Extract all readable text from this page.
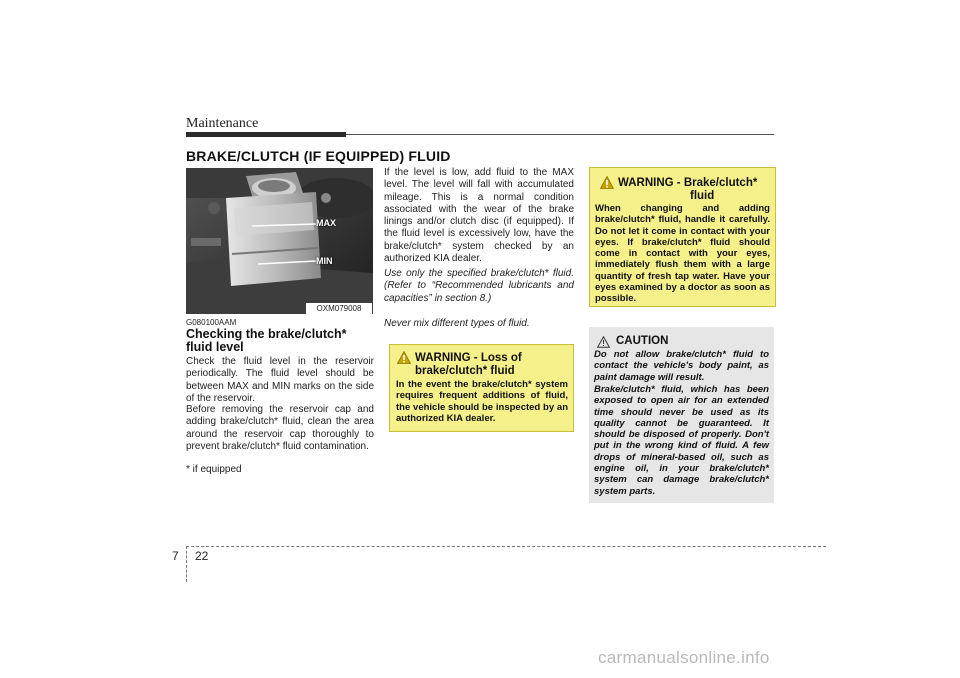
Maintenance
BRAKE/CLUTCH (IF EQUIPPED) FLUID
MAX
MIN
OXM079008
G080100AAM
Checking the brake/clutch* fluid level
Check the fluid level in the reservoir periodically. The fluid level should be between MAX and MIN marks on the side of the reservoir.
Before removing the reservoir cap and adding brake/clutch* fluid, clean the area around the reservoir cap thoroughly to prevent brake/clutch* fluid contamination.
* if equipped
If the level is low, add fluid to the MAX level. The level will fall with accumulated mileage. This is a normal condition associated with the wear of the brake linings and/or clutch disc (if equipped). If the fluid level is excessively low, have the brake/clutch* system checked by an authorized KIA dealer.
Use only the specified brake/clutch* fluid. (Refer to “Recommended lubricants and capacities” in section 8.)
Never mix different types of fluid.
WARNING - Loss of
brake/clutch* fluid
In the event the brake/clutch* system requires frequent additions of fluid, the vehicle should be inspected by an authorized KIA dealer.
WARNING - Brake/clutch*
fluid
When changing and adding brake/clutch* fluid, handle it carefully. Do not let it come in contact with your eyes. If brake/clutch* fluid should come in contact with your eyes, immediately flush them with a large quantity of fresh tap water. Have your eyes examined by a doctor as soon as possible.
CAUTION
Do not allow brake/clutch* fluid to contact the vehicle's body paint, as paint damage will result.
Brake/clutch* fluid, which has been exposed to open air for an extended time should never be used as its quality cannot be guaranteed. It should be disposed of properly. Don't put in the wrong kind of fluid. A few drops of mineral-based oil, such as engine oil, in your brake/clutch* system can damage brake/clutch* system parts.
7 22
carmanualsonline.info
